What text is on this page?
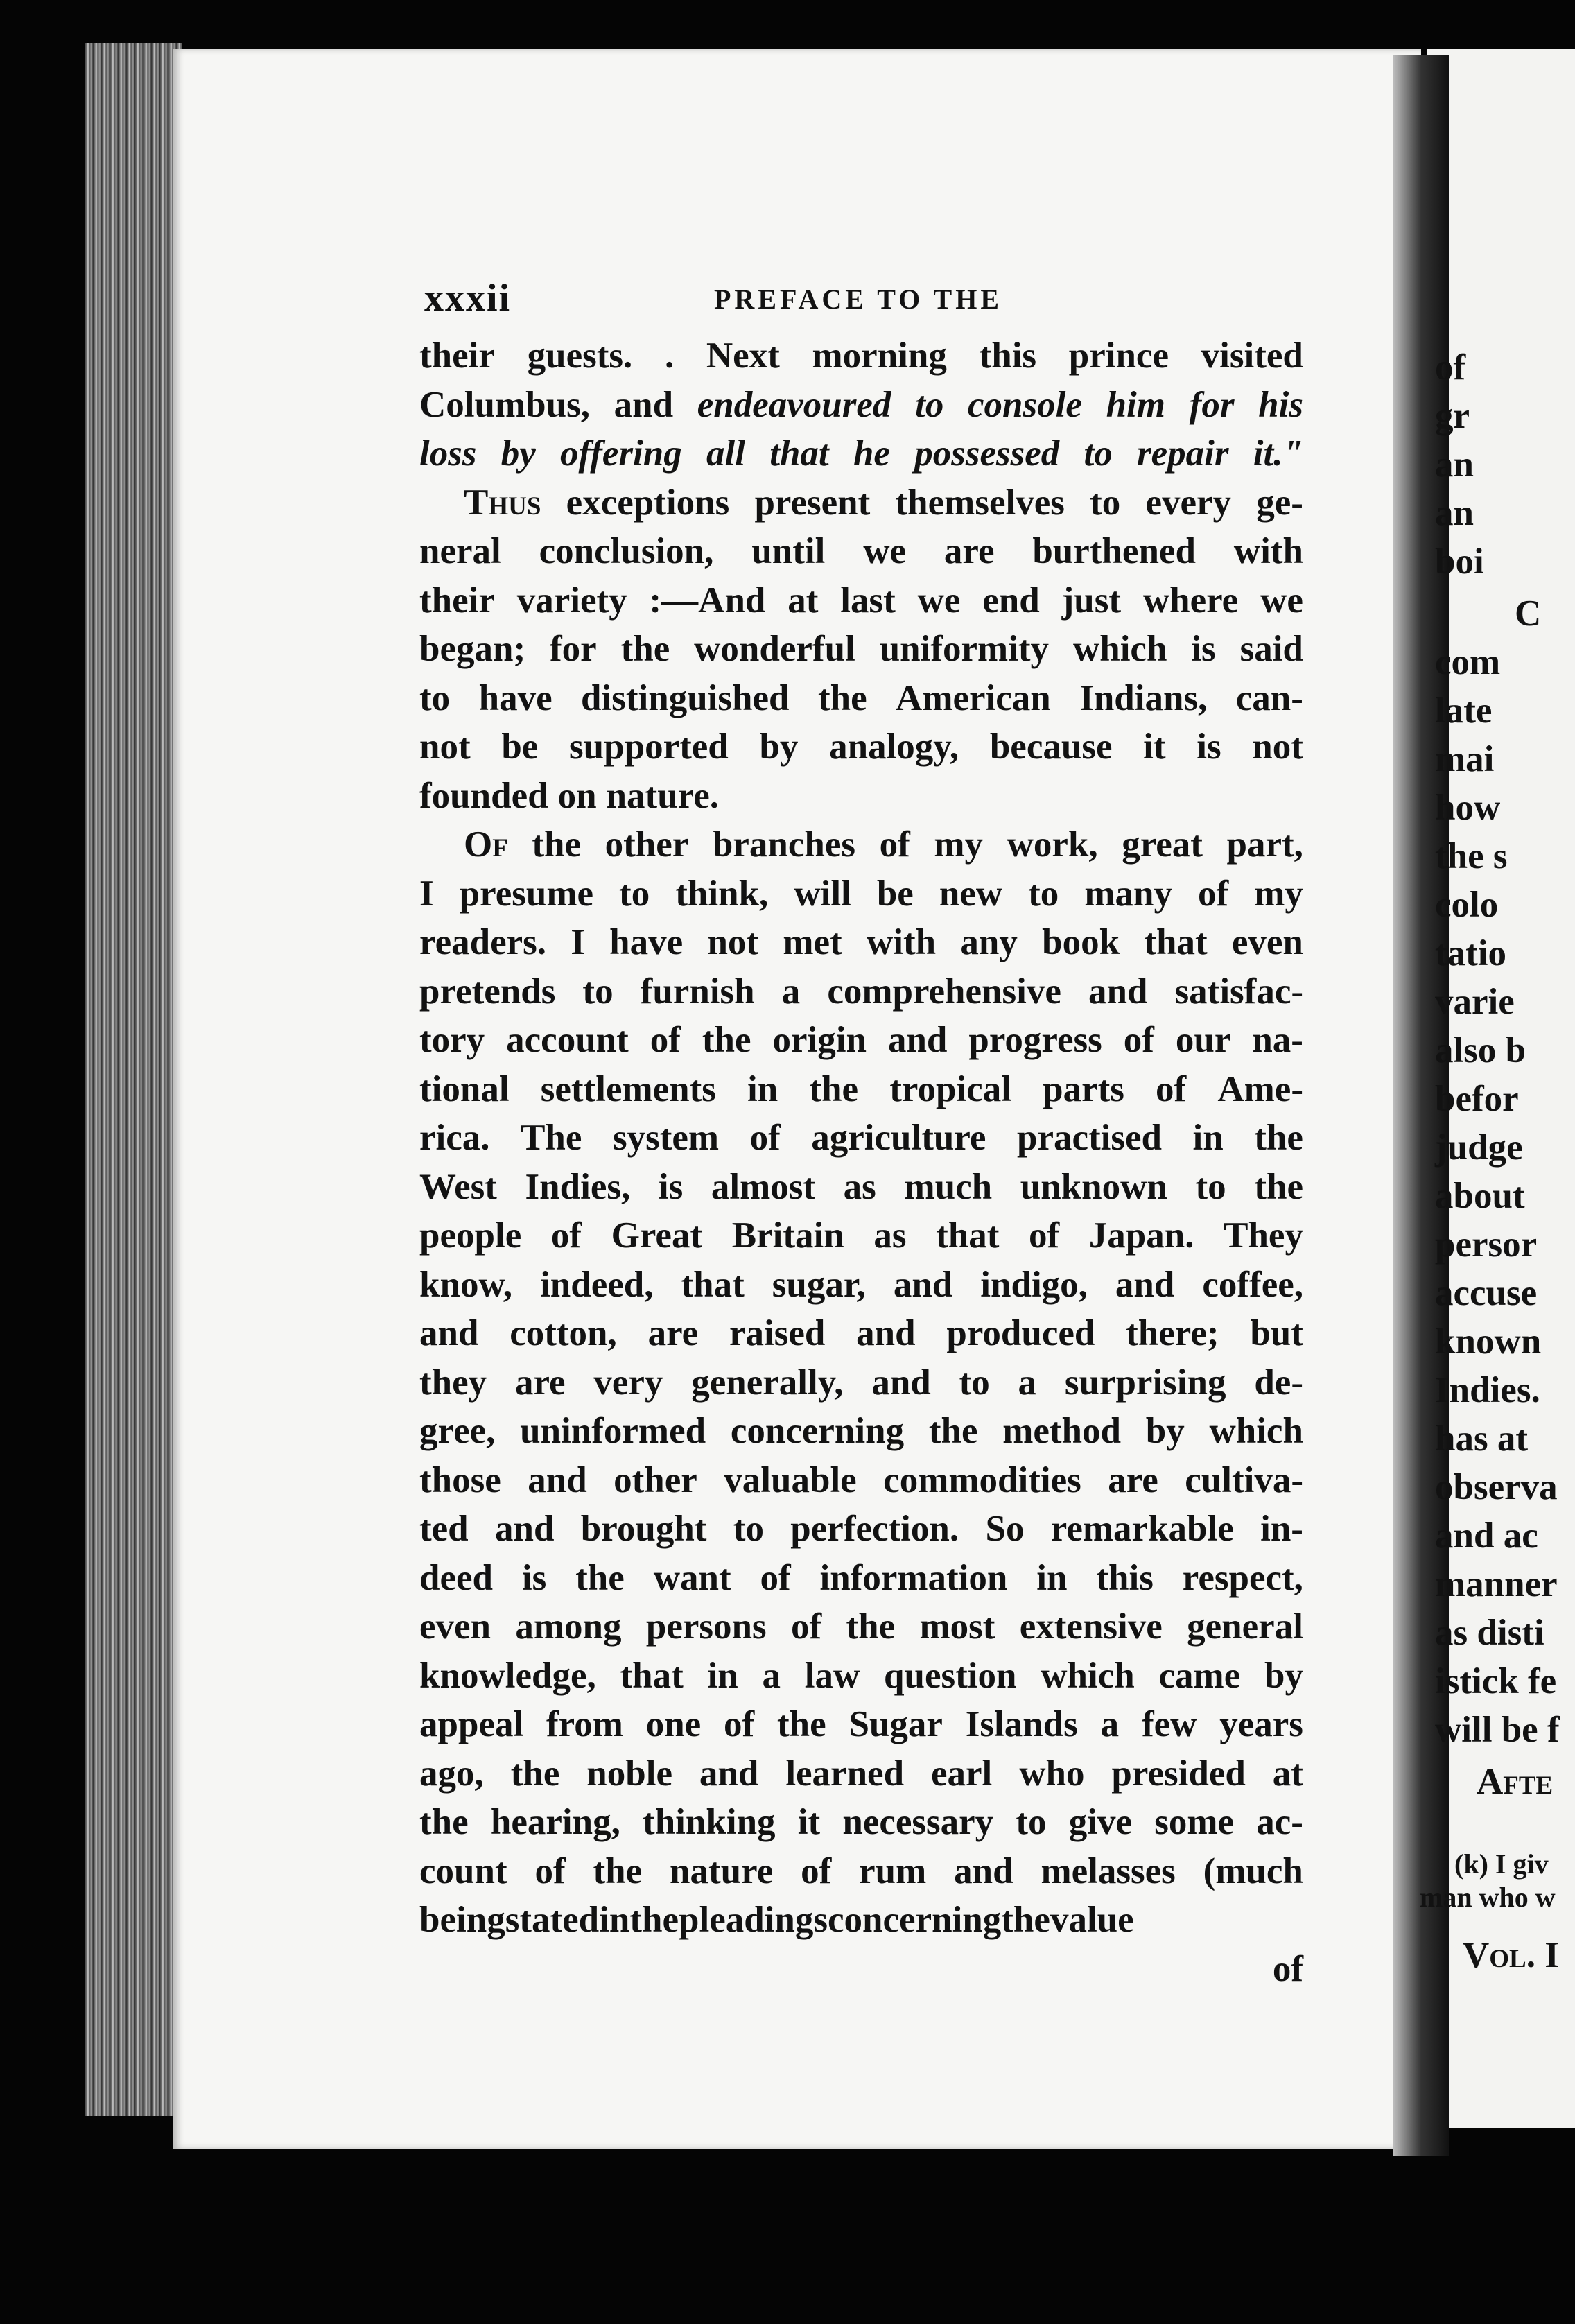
xxxii	PREFACE TO THE
their guests. . Next morning this prince visited
Columbus, and endeavoured to console him for his
loss by offering all that he possessed to repair it."
Thus exceptions present themselves to every ge-
neral conclusion, until we are burthened with
their variety :—And at last we end just where we
began; for the wonderful uniformity which is said
to have distinguished the American Indians, can-
not be supported by analogy, because it is not
founded on nature.
Of the other branches of my work, great part,
I presume to think, will be new to many of my
readers. I have not met with any book that even
pretends to furnish a comprehensive and satisfac-
tory account of the origin and progress of our na-
tional settlements in the tropical parts of Ame-
rica. The system of agriculture practised in the
West Indies, is almost as much unknown to the
people of Great Britain as that of Japan. They
know, indeed, that sugar, and indigo, and coffee,
and cotton, are raised and produced there; but
they are very generally, and to a surprising de-
gree, uninformed concerning the method by which
those and other valuable commodities are cultiva-
ted and brought to perfection. So remarkable in-
deed is the want of information in this respect,
even among persons of the most extensive general
knowledge, that in a law question which came by
appeal from one of the Sugar Islands a few years
ago, the noble and learned earl who presided at
the hearing, thinking it necessary to give some ac-
count of the nature of rum and melasses (much
being stated in the pleadings concerning the value
of
of
gr
an
an
boi
C
com
late
mai
how
the s
colo
tatio
varie
also b
befor
judge
about
persor
accuse
known
Indies.
has at
observa
and ac
manner
as disti
istick fe
will be f
Afte
(k) I giv
man who w
Vol. I
